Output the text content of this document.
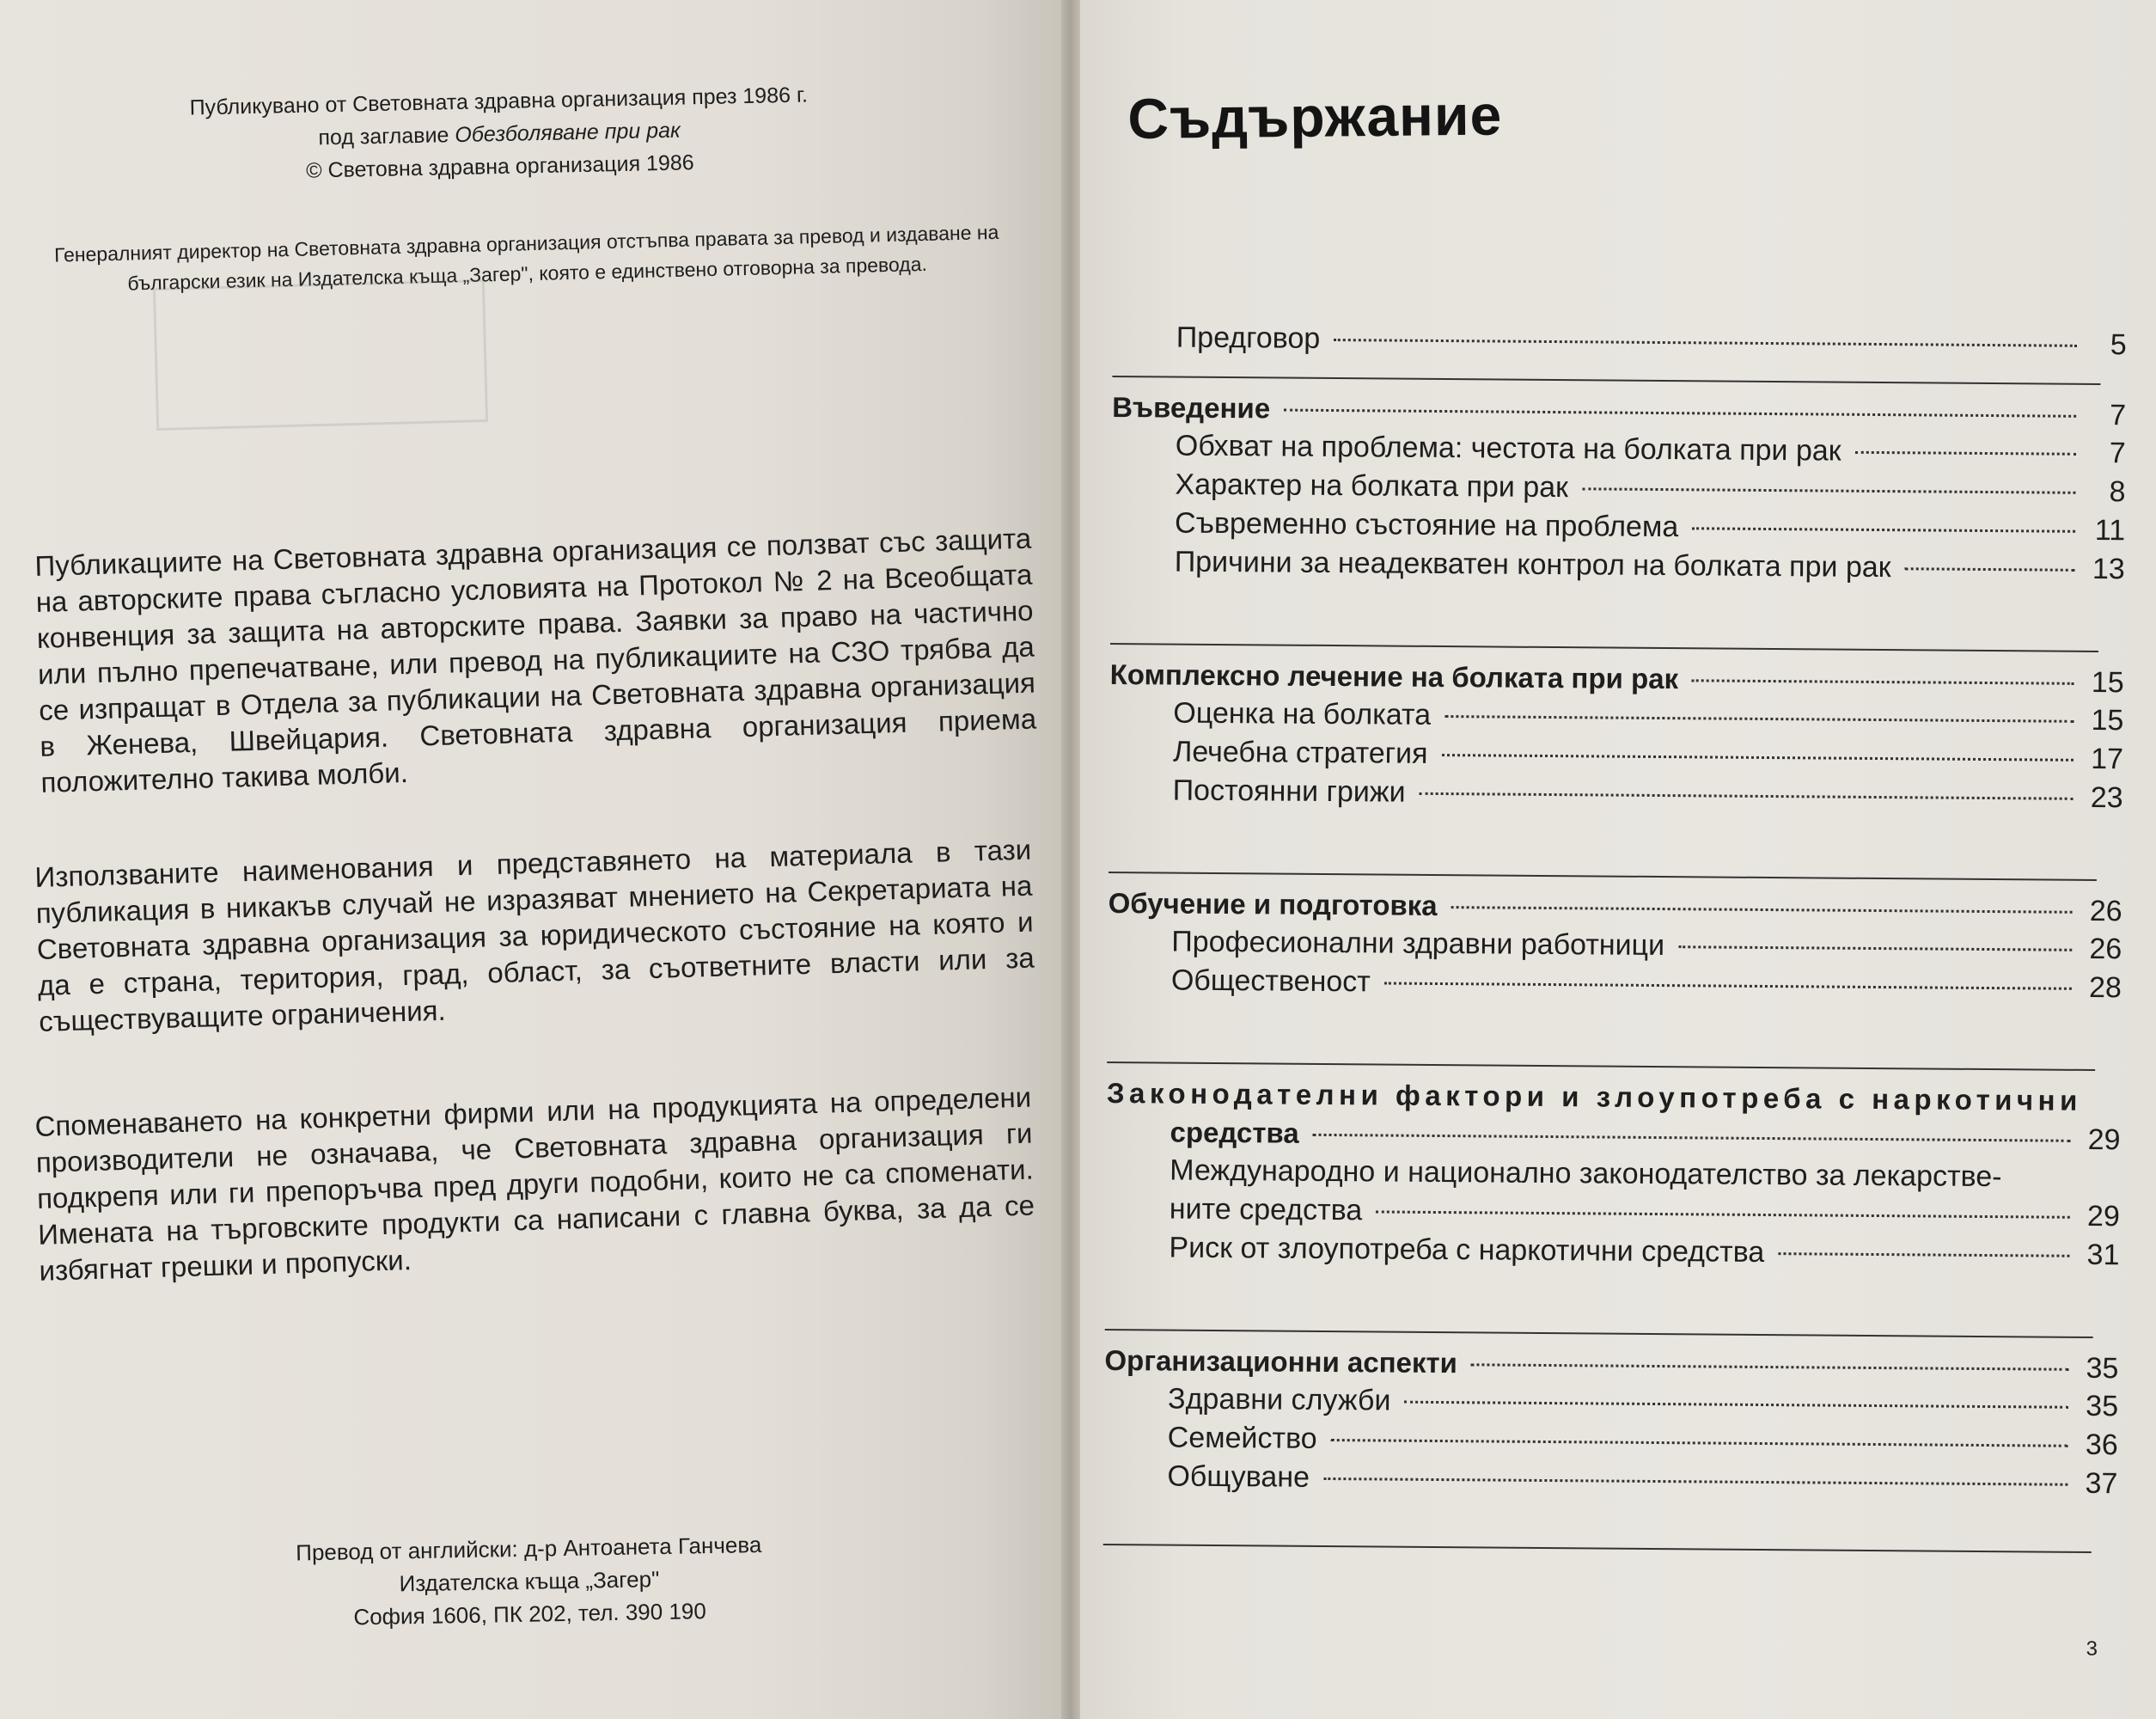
Публикувано от Световната здравна организация през 1986 г.
под заглавие Обезболяване при рак
© Световна здравна организация 1986
Генералният директор на Световната здравна организация отстъпва правата за превод и издаване на български език на Издателска къща „Загер", която е единствено отговорна за превода.
Публикациите на Световната здравна организация се ползват със защита на авторските права съгласно условията на Протокол № 2 на Всеобщата конвенция за защита на авторските права. Заявки за право на частично или пълно препечатване, или превод на публикациите на СЗО трябва да се изпращат в Отдела за публикации на Световната здравна организация в Женева, Швейцария. Световната здравна организация приема положително такива молби.
Използваните наименования и представянето на материала в тази публикация в никакъв случай не изразяват мнението на Секретариата на Световната здравна организация за юридическото състояние на която и да е страна, територия, град, област, за съответните власти или за съществуващите ограничения.
Споменаването на конкретни фирми или на продукцията на определени производители не означава, че Световната здравна организация ги подкрепя или ги препоръчва пред други подобни, които не са споменати. Имената на търговските продукти са написани с главна буква, за да се избягнат грешки и пропуски.
Превод от английски: д-р Антоанета Ганчева
Издателска къща „Загер"
София 1606, ПК 202, тел. 390 190
Съдържание
Предговор	5
Въведение	7
Обхват на проблема: честота на болката при рак	7
Характер на болката при рак	8
Съвременно състояние на проблема	11
Причини за неадекватен контрол на болката при рак	13
Комплексно лечение на болката при рак	15
Оценка на болката	15
Лечебна стратегия	17
Постоянни грижи	23
Обучение и подготовка	26
Професионални здравни работници	26
Общественост	28
Законодателни фактори и злоупотреба с наркотични
средства	29
Международно и национално законодателство за лекарстве-
ните средства	29
Риск от злоупотреба с наркотични средства	31
Организационни аспекти	35
Здравни служби	35
Семейство	36
Общуване	37
3
